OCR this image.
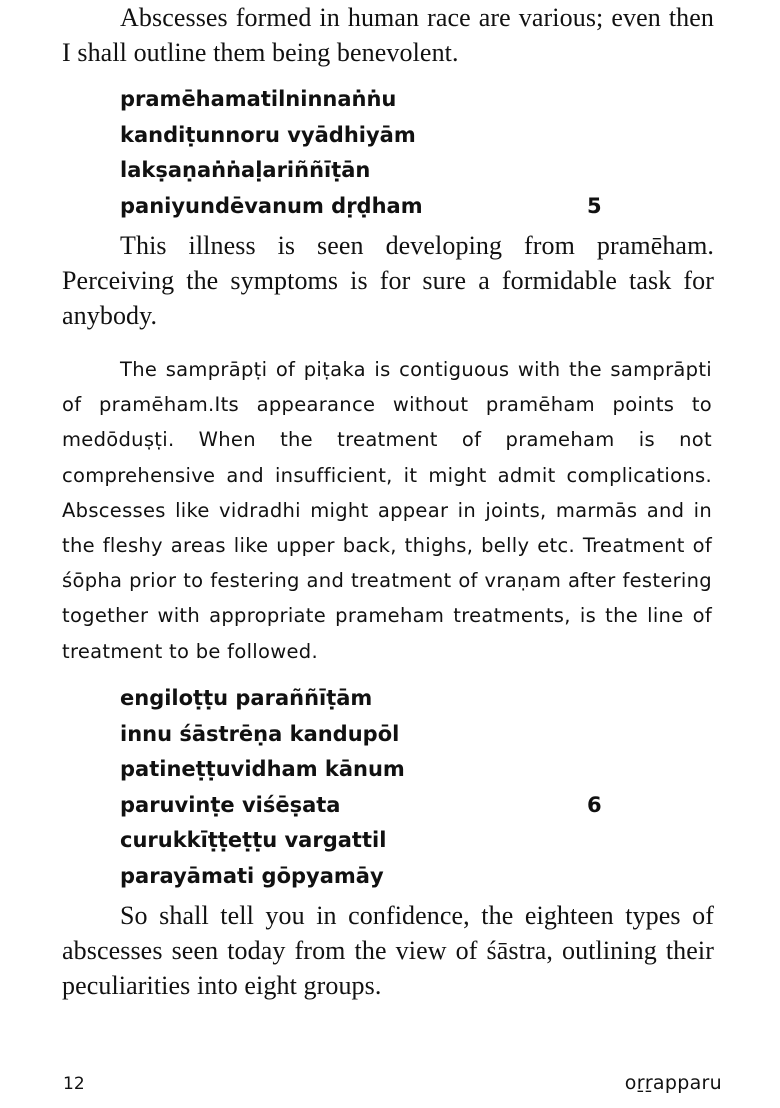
Abscesses formed in human race are various; even then I shall outline them being benevolent.

pramēhamatilninnaṅṅu
kandiṭunnoru vyādhiyām
lakṣaṇaṅṅaḷariññīṭān
paniyundēvanum dṛḍham	5

This illness is seen developing from pramēham. Perceiving the symptoms is for sure a formidable task for anybody.

The samprāpṭi of piṭaka is contiguous with the samprāpti of pramēham.Its appearance without pramēham points to medōduṣṭi. When the treatment of prameham is not comprehensive and insufficient, it might admit complications. Abscesses like vidradhi might appear in joints, marmās and in the fleshy areas like upper back, thighs, belly etc. Treatment of śōpha prior to festering and treatment of vraṇam after festering together with appropriate prameham treatments, is the line of treatment to be followed.

engiloṭṭu paraññīṭām
innu śāstrēṇa kandupōl
patineṭṭuvidham kānum
paruvinṭe viśēṣata	6
curukkīṭṭeṭṭu vargattil
parayāmati gōpyamāy

So shall tell you in confidence, the eighteen types of abscesses seen today from the view of śāstra, outlining their peculiarities into eight groups.

12	oṟṟapparu
